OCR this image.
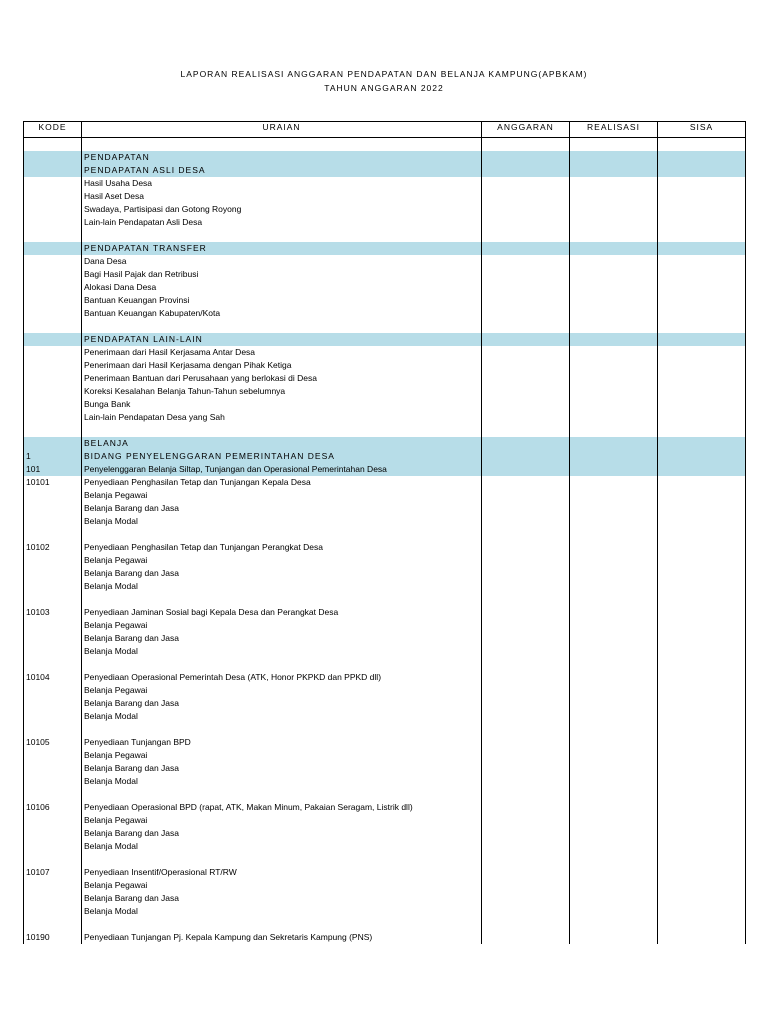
LAPORAN REALISASI ANGGARAN PENDAPATAN DAN BELANJA KAMPUNG(APBKAM)
TAHUN ANGGARAN 2022
KODE	URAIAN	ANGGARAN	REALISASI	SISA

	PENDAPATAN			
	PENDAPATAN ASLI DESA			
	Hasil Usaha Desa			
	Hasil Aset Desa			
	Swadaya, Partisipasi dan Gotong Royong			
	Lain-lain Pendapatan Asli Desa			

	PENDAPATAN TRANSFER			
	Dana Desa			
	Bagi Hasil Pajak dan Retribusi			
	Alokasi Dana Desa			
	Bantuan Keuangan Provinsi			
	Bantuan Keuangan Kabupaten/Kota			

	PENDAPATAN LAIN-LAIN			
	Penerimaan dari Hasil Kerjasama Antar Desa			
	Penerimaan dari Hasil Kerjasama dengan Pihak Ketiga			
	Penerimaan Bantuan dari Perusahaan yang berlokasi di Desa			
	Koreksi Kesalahan Belanja Tahun-Tahun sebelumnya			
	Bunga Bank			
	Lain-lain Pendapatan Desa yang Sah			

	BELANJA			
1	BIDANG PENYELENGGARAN PEMERINTAHAN DESA			
101	Penyelenggaran Belanja Siltap, Tunjangan dan Operasional Pemerintahan Desa			
10101	Penyediaan Penghasilan Tetap dan Tunjangan Kepala Desa			
	Belanja Pegawai			
	Belanja Barang dan Jasa			
	Belanja Modal			

10102	Penyediaan Penghasilan Tetap dan Tunjangan Perangkat Desa			
	Belanja Pegawai			
	Belanja Barang dan Jasa			
	Belanja Modal			

10103	Penyediaan Jaminan Sosial bagi Kepala Desa dan Perangkat Desa			
	Belanja Pegawai			
	Belanja Barang dan Jasa			
	Belanja Modal			

10104	Penyediaan Operasional Pemerintah Desa (ATK, Honor PKPKD dan PPKD dll)			
	Belanja Pegawai			
	Belanja Barang dan Jasa			
	Belanja Modal			

10105	Penyediaan Tunjangan BPD			
	Belanja Pegawai			
	Belanja Barang dan Jasa			
	Belanja Modal			

10106	Penyediaan Operasional BPD (rapat, ATK, Makan Minum, Pakaian Seragam, Listrik dll)			
	Belanja Pegawai			
	Belanja Barang dan Jasa			
	Belanja Modal			

10107	Penyediaan Insentif/Operasional RT/RW			
	Belanja Pegawai			
	Belanja Barang dan Jasa			
	Belanja Modal			

10190	Penyediaan Tunjangan Pj. Kepala Kampung dan Sekretaris Kampung (PNS)			
